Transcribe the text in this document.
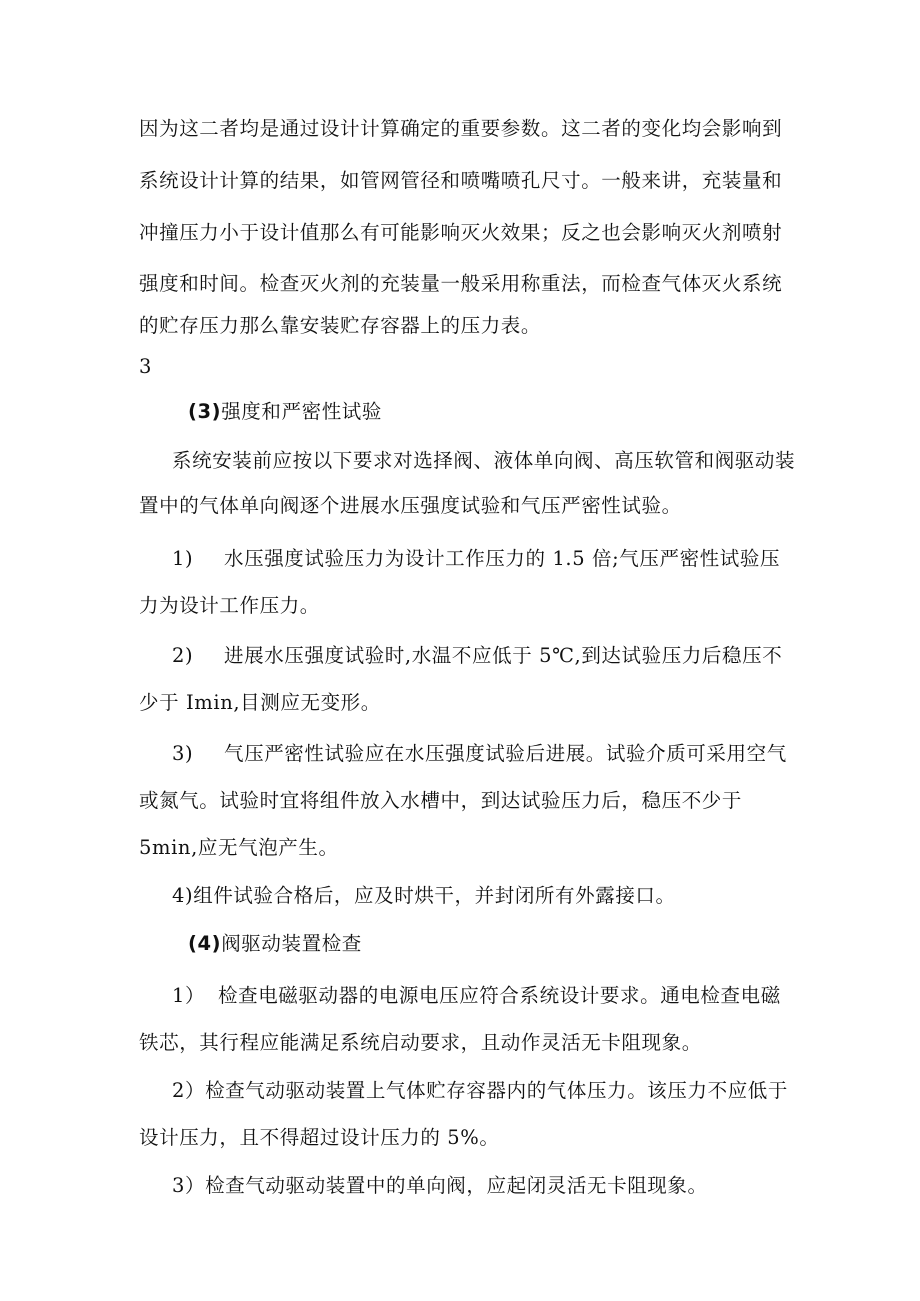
因为这二者均是通过设计计算确定的重要参数。这二者的变化均会影响到
系统设计计算的结果，如管网管径和喷嘴喷孔尺寸。一般来讲，充装量和
冲撞压力小于设计值那么有可能影响灭火效果；反之也会影响灭火剂喷射
强度和时间。检查灭火剂的充装量一般采用称重法，而检查气体灭火系统
的贮存压力那么靠安装贮存容器上的压力表。
3
(3)强度和严密性试验
系统安装前应按以下要求对选择阀、液体单向阀、高压软管和阀驱动装
置中的气体单向阀逐个进展水压强度试验和气压严密性试验。
1) 水压强度试验压力为设计工作压力的 1.5 倍;气压严密性试验压
力为设计工作压力。
2) 进展水压强度试验时,水温不应低于 5℃,到达试验压力后稳压不
少于 Imin,目测应无变形。
3) 气压严密性试验应在水压强度试验后进展。试验介质可采用空气
或氮气。试验时宜将组件放入水槽中，到达试验压力后，稳压不少于
5min,应无气泡产生。
4)组件试验合格后，应及时烘干，并封闭所有外露接口。
(4)阀驱动装置检查
1） 检查电磁驱动器的电源电压应符合系统设计要求。通电检查电磁
铁芯，其行程应能满足系统启动要求，且动作灵活无卡阻现象。
2）检查气动驱动装置上气体贮存容器内的气体压力。该压力不应低于
设计压力，且不得超过设计压力的 5%。
3）检查气动驱动装置中的单向阀，应起闭灵活无卡阻现象。
